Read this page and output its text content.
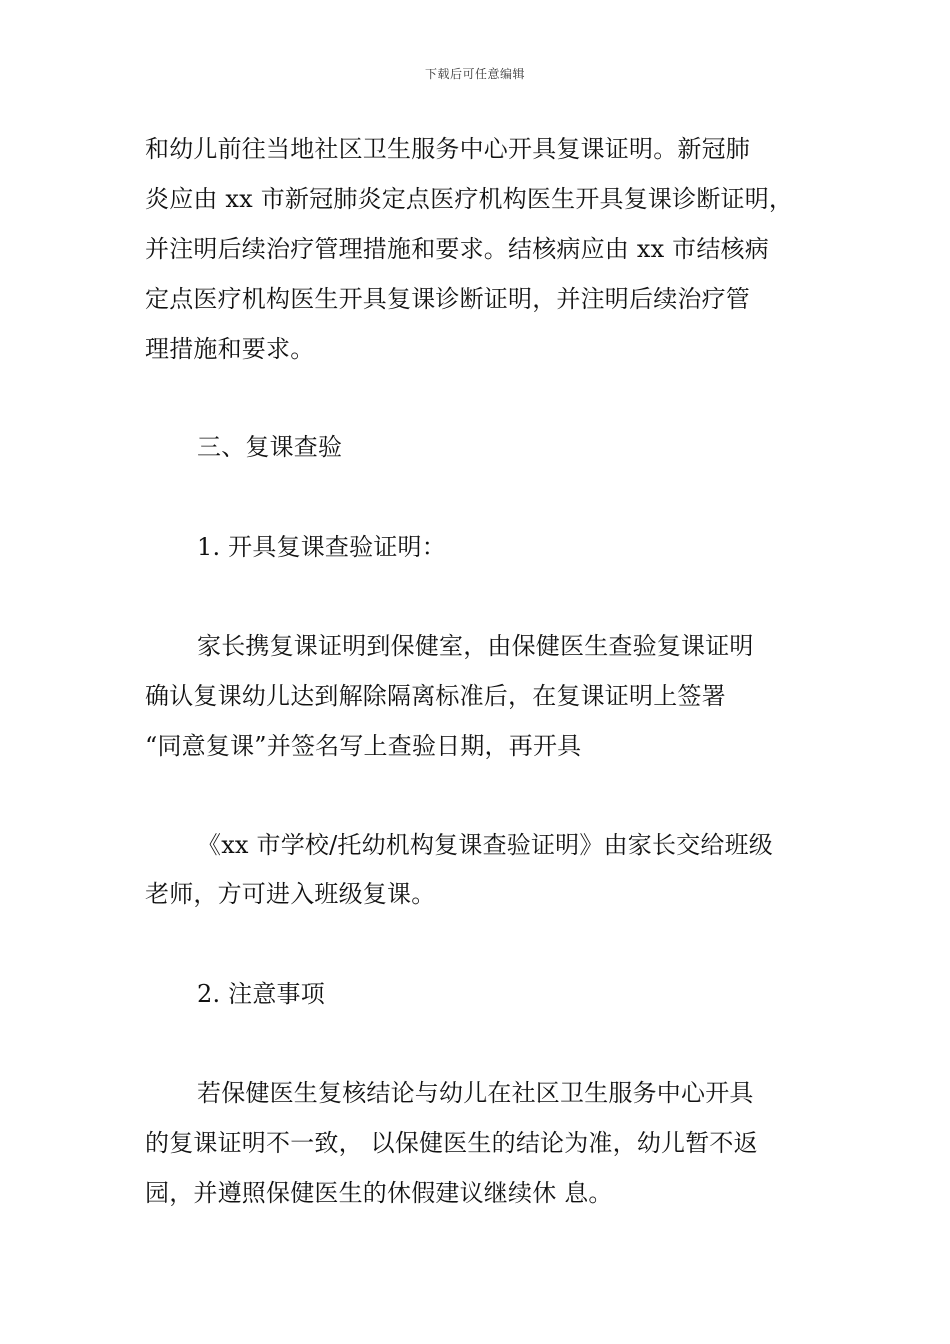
下载后可任意编辑
和幼儿前往当地社区卫生服务中心开具复课证明。新冠肺
炎应由 xx 市新冠肺炎定点医疗机构医生开具复课诊断证明，
并注明后续治疗管理措施和要求。结核病应由 xx 市结核病
定点医疗机构医生开具复课诊断证明，并注明后续治疗管
理措施和要求。
三、复课查验
1. 开具复课查验证明：
家长携复课证明到保健室，由保健医生查验复课证明
确认复课幼儿达到解除隔离标准后，在复课证明上签署
“同意复课”并签名写上查验日期，再开具
《xx 市学校/托幼机构复课查验证明》由家长交给班级
老师，方可进入班级复课。
2. 注意事项
若保健医生复核结论与幼儿在社区卫生服务中心开具
的复课证明不一致， 以保健医生的结论为准，幼儿暂不返
园，并遵照保健医生的休假建议继续休 息。
